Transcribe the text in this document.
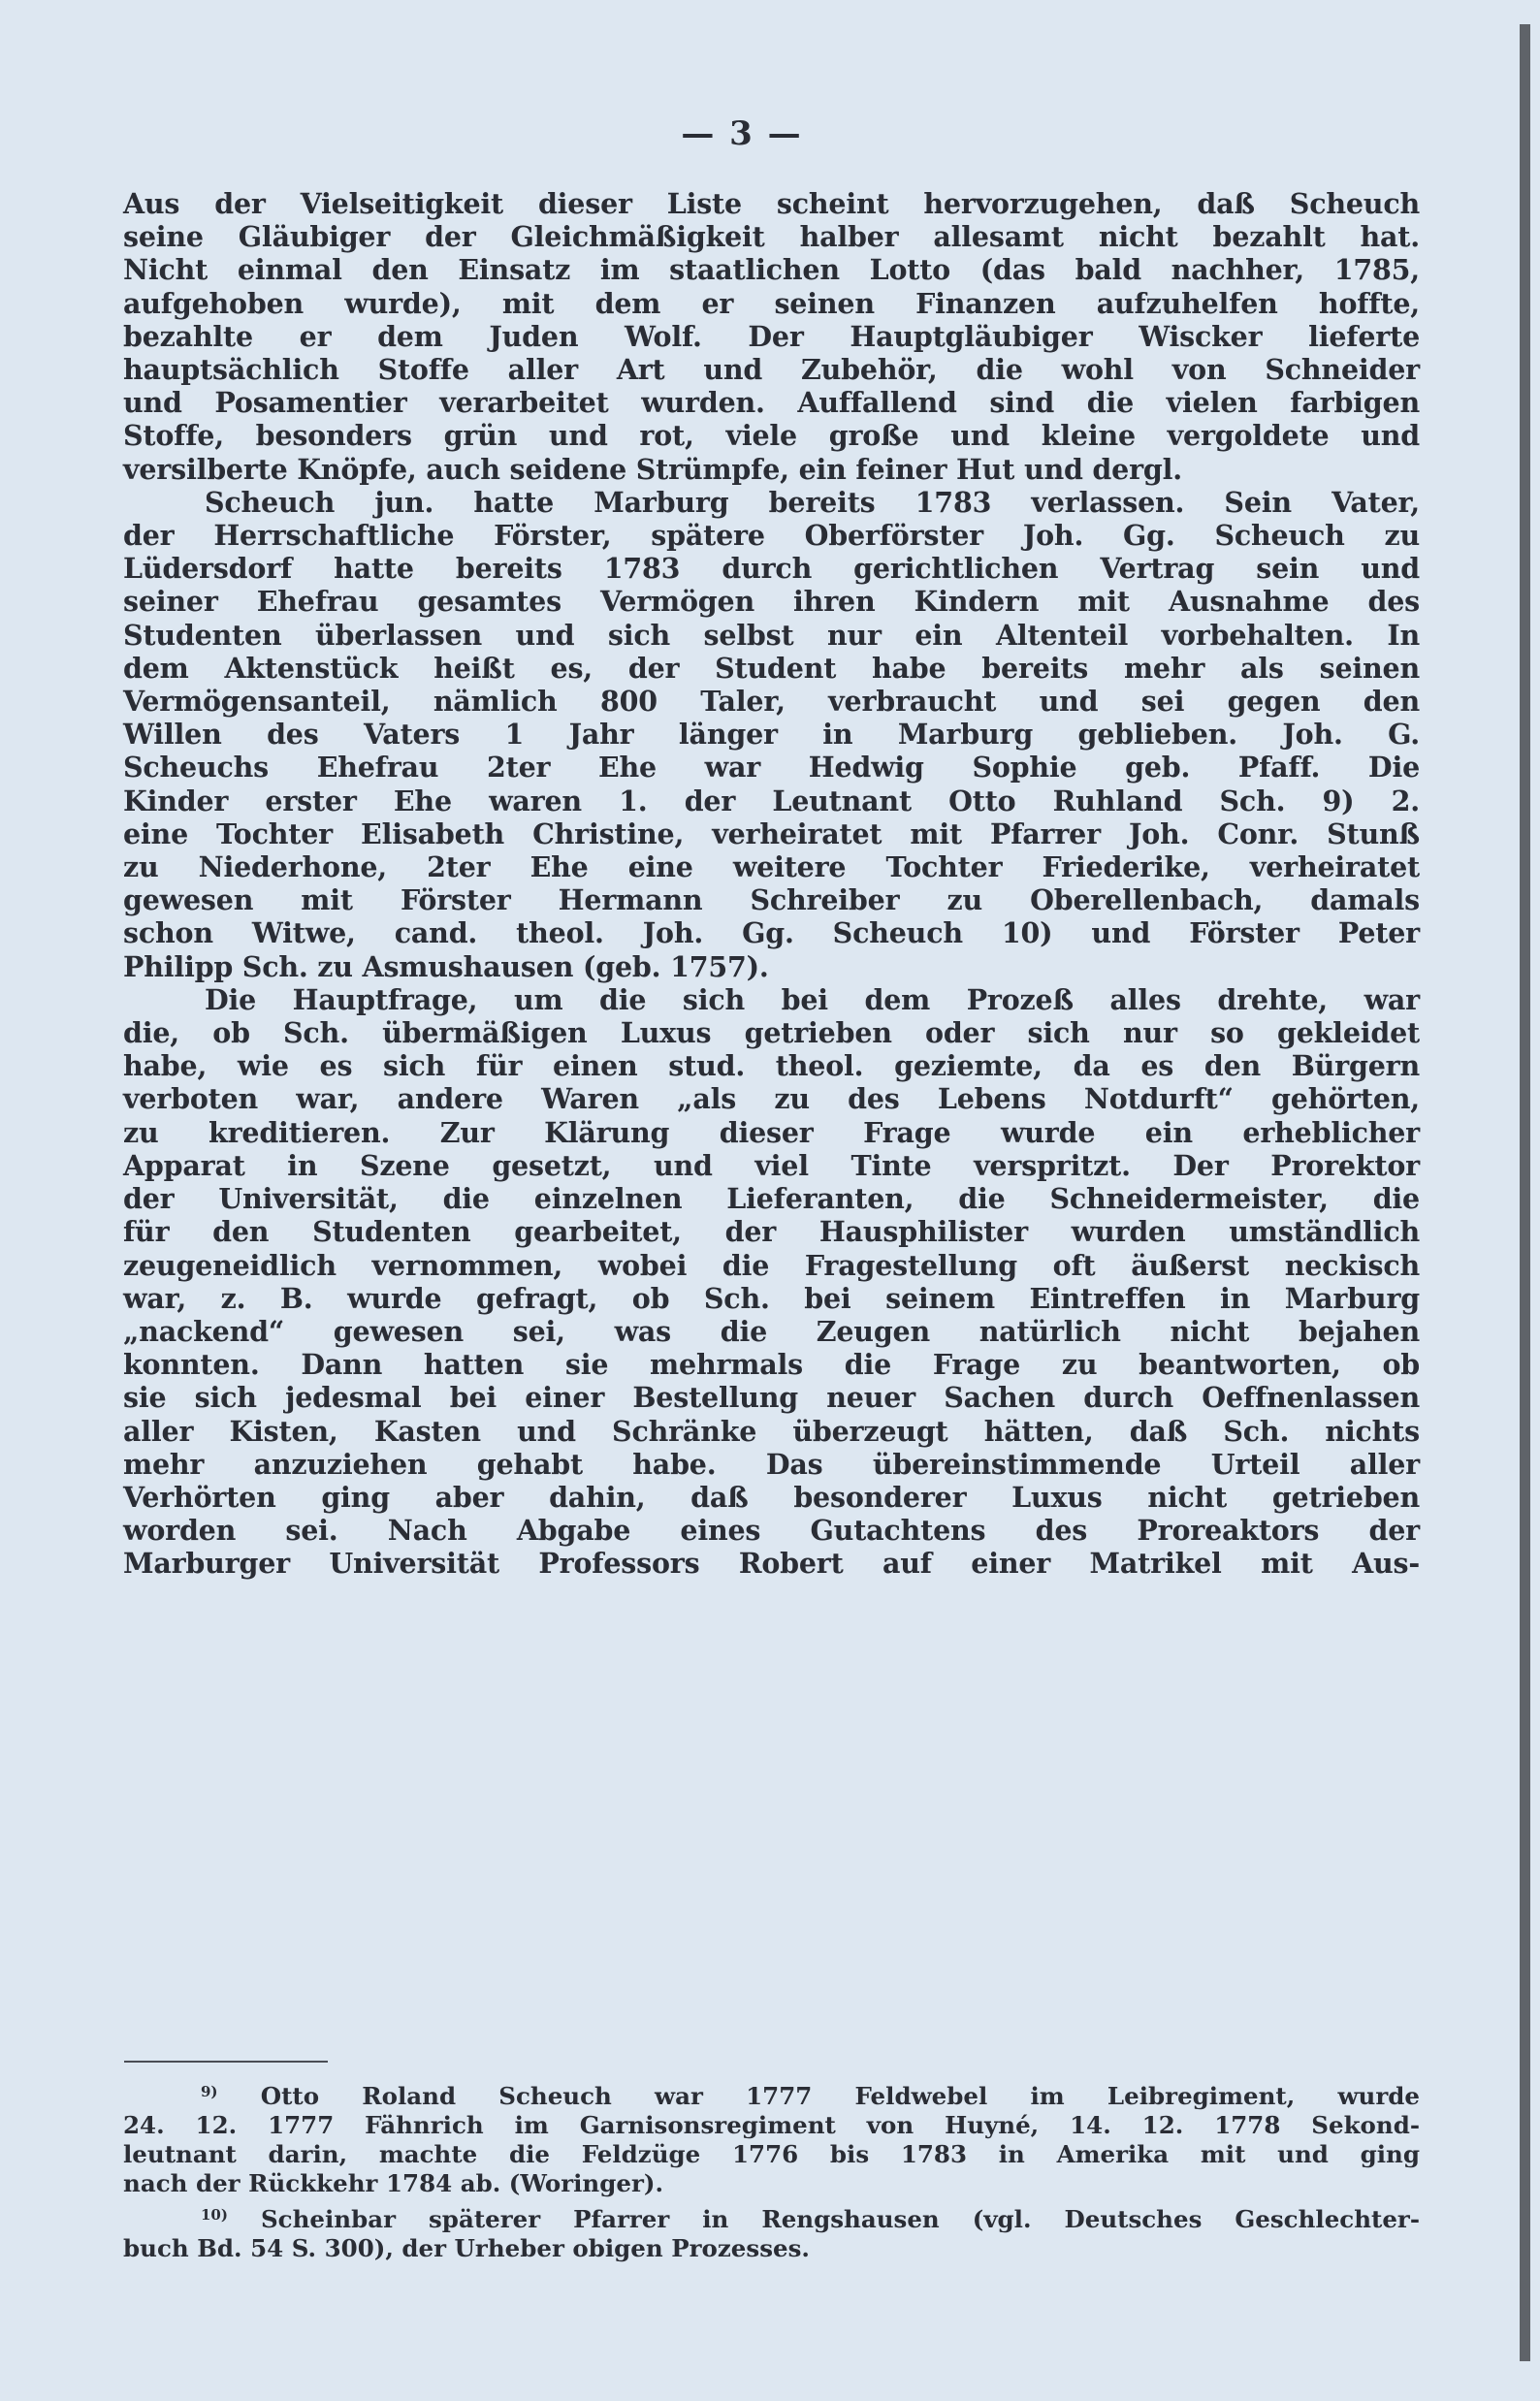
— 3 —

Aus der Vielseitigkeit dieser Liste scheint hervorzugehen, daß Scheuch
seine Gläubiger der Gleichmäßigkeit halber allesamt nicht bezahlt hat.
Nicht einmal den Einsatz im staatlichen Lotto (das bald nachher, 1785,
aufgehoben wurde), mit dem er seinen Finanzen aufzuhelfen hoffte,
bezahlte er dem Juden Wolf. Der Hauptgläubiger Wiscker lieferte
hauptsächlich Stoffe aller Art und Zubehör, die wohl von Schneider
und Posamentier verarbeitet wurden. Auffallend sind die vielen farbigen
Stoffe, besonders grün und rot, viele große und kleine vergoldete und
versilberte Knöpfe, auch seidene Strümpfe, ein feiner Hut und dergl.

Scheuch jun. hatte Marburg bereits 1783 verlassen. Sein Vater,
der Herrschaftliche Förster, spätere Oberförster Joh. Gg. Scheuch zu
Lüdersdorf hatte bereits 1783 durch gerichtlichen Vertrag sein und
seiner Ehefrau gesamtes Vermögen ihren Kindern mit Ausnahme des
Studenten überlassen und sich selbst nur ein Altenteil vorbehalten. In
dem Aktenstück heißt es, der Student habe bereits mehr als seinen
Vermögensanteil, nämlich 800 Taler, verbraucht und sei gegen den
Willen des Vaters 1 Jahr länger in Marburg geblieben. Joh. G.
Scheuchs Ehefrau 2ter Ehe war Hedwig Sophie geb. Pfaff. Die
Kinder erster Ehe waren 1. der Leutnant Otto Ruhland Sch. 9) 2.
eine Tochter Elisabeth Christine, verheiratet mit Pfarrer Joh. Conr. Stunß
zu Niederhone, 2ter Ehe eine weitere Tochter Friederike, verheiratet
gewesen mit Förster Hermann Schreiber zu Oberellenbach, damals
schon Witwe, cand. theol. Joh. Gg. Scheuch 10) und Förster Peter
Philipp Sch. zu Asmushausen (geb. 1757).

Die Hauptfrage, um die sich bei dem Prozeß alles drehte, war
die, ob Sch. übermäßigen Luxus getrieben oder sich nur so gekleidet
habe, wie es sich für einen stud. theol. geziemte, da es den Bürgern
verboten war, andere Waren „als zu des Lebens Notdurft“ gehörten,
zu kreditieren. Zur Klärung dieser Frage wurde ein erheblicher
Apparat in Szene gesetzt, und viel Tinte verspritzt. Der Prorektor
der Universität, die einzelnen Lieferanten, die Schneidermeister, die
für den Studenten gearbeitet, der Hausphilister wurden umständlich
zeugeneidlich vernommen, wobei die Fragestellung oft äußerst neckisch
war, z. B. wurde gefragt, ob Sch. bei seinem Eintreffen in Marburg
„nackend“ gewesen sei, was die Zeugen natürlich nicht bejahen
konnten. Dann hatten sie mehrmals die Frage zu beantworten, ob
sie sich jedesmal bei einer Bestellung neuer Sachen durch Oeffnenlassen
aller Kisten, Kasten und Schränke überzeugt hätten, daß Sch. nichts
mehr anzuziehen gehabt habe. Das übereinstimmende Urteil aller
Verhörten ging aber dahin, daß besonderer Luxus nicht getrieben
worden sei. Nach Abgabe eines Gutachtens des Proreaktors der
Marburger Universität Professors Robert auf einer Matrikel mit Aus-

$^{9)}$ Otto Roland Scheuch war 1777 Feldwebel im Leibregiment, wurde
24. 12. 1777 Fähnrich im Garnisonsregiment von Huyné, 14. 12. 1778 Sekond-
leutnant darin, machte die Feldzüge 1776 bis 1783 in Amerika mit und ging
nach der Rückkehr 1784 ab. (Woringer).
$^{10)}$ Scheinbar späterer Pfarrer in Rengshausen (vgl. Deutsches Geschlechter-
buch Bd. 54 S. 300), der Urheber obigen Prozesses.
